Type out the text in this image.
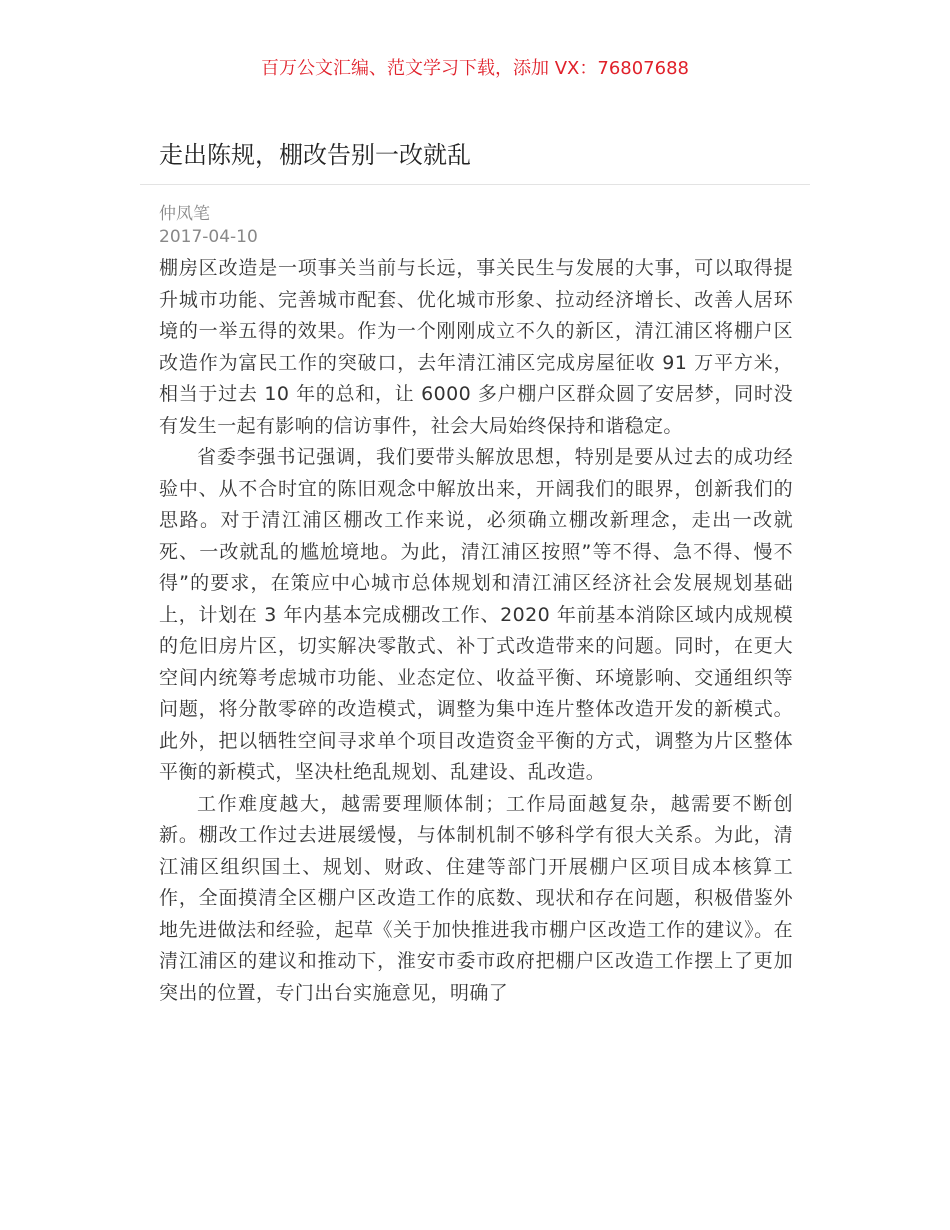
百万公文汇编、范文学习下载，添加 VX：76807688
走出陈规，棚改告别一改就乱
仲凤笔
2017-04-10

棚房区改造是一项事关当前与长远，事关民生与发展的大事，可以取得提升城市功能、完善城市配套、优化城市形象、拉动经济增长、改善人居环境的一举五得的效果。作为一个刚刚成立不久的新区，清江浦区将棚户区改造作为富民工作的突破口，去年清江浦区完成房屋征收 91 万平方米，相当于过去 10 年的总和，让 6000 多户棚户区群众圆了安居梦，同时没有发生一起有影响的信访事件，社会大局始终保持和谐稳定。

省委李强书记强调，我们要带头解放思想，特别是要从过去的成功经验中、从不合时宜的陈旧观念中解放出来，开阔我们的眼界，创新我们的思路。对于清江浦区棚改工作来说，必须确立棚改新理念，走出一改就死、一改就乱的尴尬境地。为此，清江浦区按照”等不得、急不得、慢不得”的要求，在策应中心城市总体规划和清江浦区经济社会发展规划基础上，计划在 3 年内基本完成棚改工作、2020 年前基本消除区域内成规模的危旧房片区，切实解决零散式、补丁式改造带来的问题。同时，在更大空间内统筹考虑城市功能、业态定位、收益平衡、环境影响、交通组织等问题，将分散零碎的改造模式，调整为集中连片整体改造开发的新模式。此外，把以牺牲空间寻求单个项目改造资金平衡的方式，调整为片区整体平衡的新模式，坚决杜绝乱规划、乱建设、乱改造。

工作难度越大，越需要理顺体制；工作局面越复杂，越需要不断创新。棚改工作过去进展缓慢，与体制机制不够科学有很大关系。为此，清江浦区组织国土、规划、财政、住建等部门开展棚户区项目成本核算工作，全面摸清全区棚户区改造工作的底数、现状和存在问题，积极借鉴外地先进做法和经验，起草《关于加快推进我市棚户区改造工作的建议》。在清江浦区的建议和推动下，淮安市委市政府把棚户区改造工作摆上了更加突出的位置，专门出台实施意见，明确了
